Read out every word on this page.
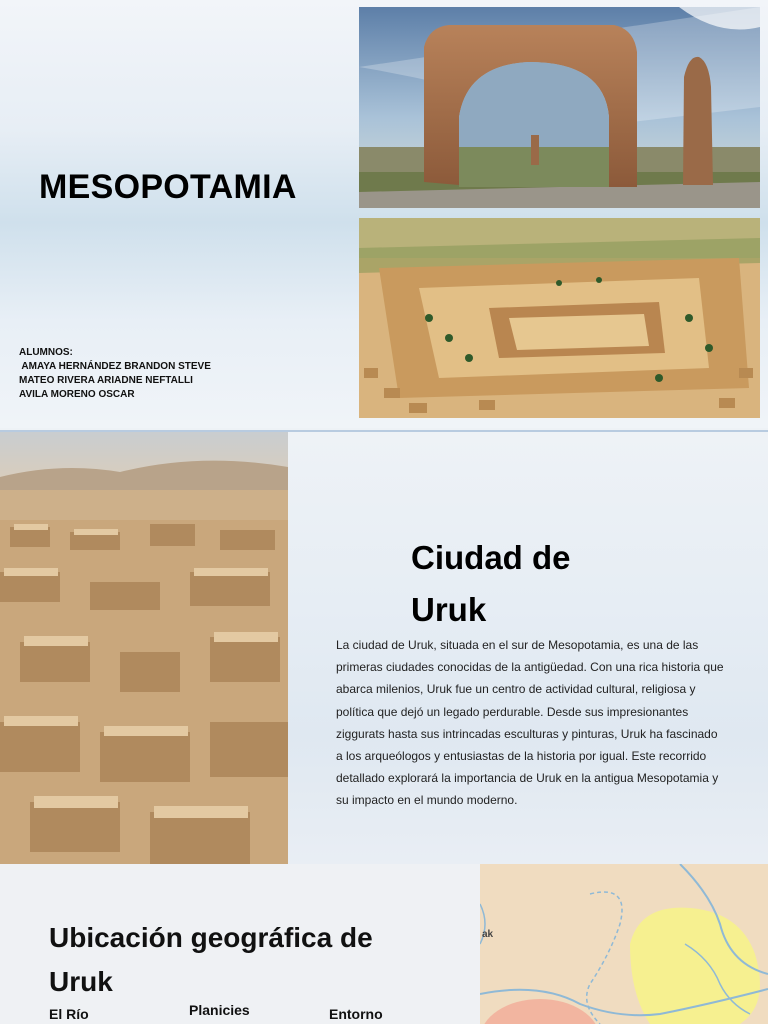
MESOPOTAMIA
ALUMNOS:
AMAYA HERNÁNDEZ BRANDON STEVE
MATEO RIVERA ARIADNE NEFTALLI
AVILA MORENO OSCAR
Ciudad de
Uruk
La ciudad de Uruk, situada en el sur de Mesopotamia, es una de las primeras ciudades conocidas de la antigüedad. Con una rica historia que abarca milenios, Uruk fue un centro de actividad cultural, religiosa y política que dejó un legado perdurable. Desde sus impresionantes ziggurats hasta sus intrincadas esculturas y pinturas, Uruk ha fascinado a los arqueólogos y entusiastas de la historia por igual. Este recorrido detallado explorará la importancia de Uruk en la antigua Mesopotamia y su impacto en el mundo moderno.
Ubicación geográfica de
Uruk
El Río	Planicies	Entorno
ak
